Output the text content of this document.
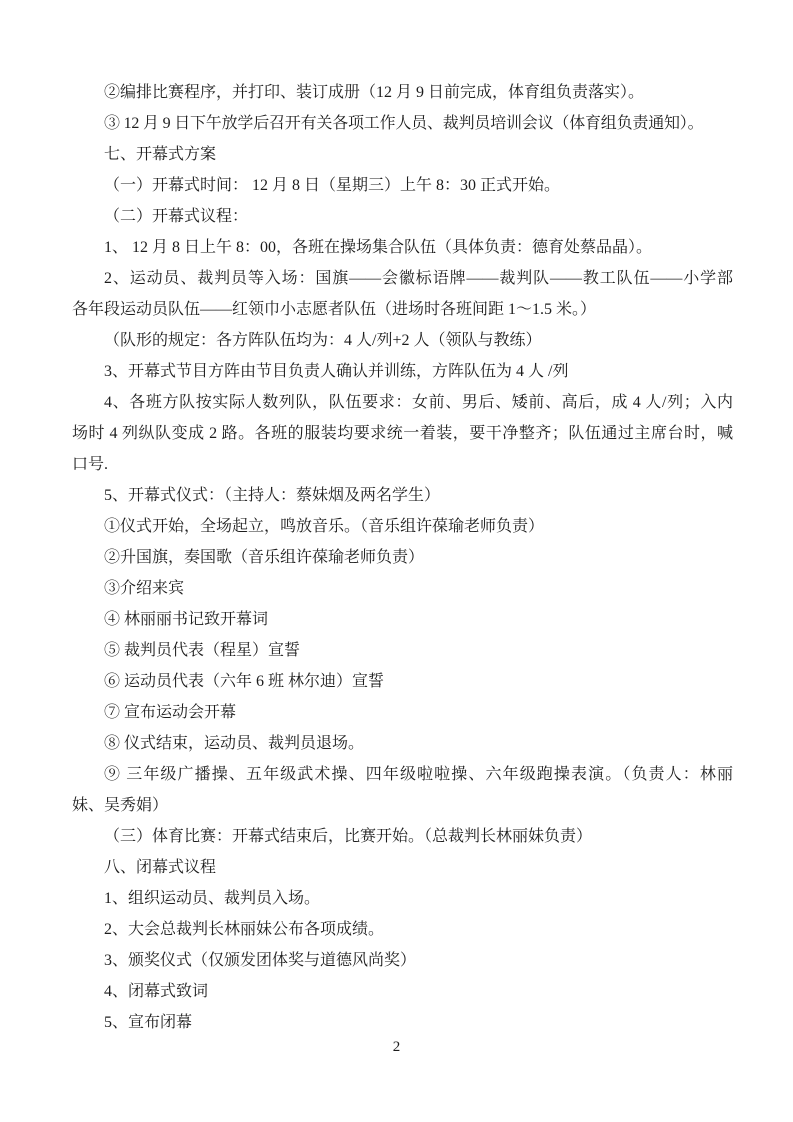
②编排比赛程序，并打印、装订成册（12 月 9 日前完成，体育组负责落实）。

③ 12 月 9 日下午放学后召开有关各项工作人员、裁判员培训会议（体育组负责通知）。

七、开幕式方案

（一）开幕式时间： 12 月 8 日（星期三）上午 8：30 正式开始。

（二）开幕式议程：

1、 12 月 8 日上午 8：00，各班在操场集合队伍（具体负责：德育处蔡品晶）。

2、运动员、裁判员等入场：国旗——会徽标语牌——裁判队——教工队伍——小学部

各年段运动员队伍——红领巾小志愿者队伍（进场时各班间距 1～1.5 米。）

（队形的规定：各方阵队伍均为：4 人/列+2 人（领队与教练）

3、开幕式节目方阵由节目负责人确认并训练，方阵队伍为 4 人 /列

4、各班方队按实际人数列队，队伍要求：女前、男后、矮前、高后，成 4 人/列；入内

场时 4 列纵队变成 2 路。各班的服装均要求统一着装，要干净整齐；队伍通过主席台时，喊

口号.

5、开幕式仪式：（主持人：蔡妹烟及两名学生）

①仪式开始，全场起立，鸣放音乐。（音乐组许葆瑜老师负责）

②升国旗，奏国歌（音乐组许葆瑜老师负责）

③介绍来宾

④ 林丽丽书记致开幕词

⑤ 裁判员代表（程星）宣誓

⑥ 运动员代表（六年 6 班 林尔迪）宣誓

⑦ 宣布运动会开幕

⑧ 仪式结束，运动员、裁判员退场。

⑨ 三年级广播操、五年级武术操、四年级啦啦操、六年级跑操表演。（负责人：林丽

妹、吴秀娟）

（三）体育比赛：开幕式结束后，比赛开始。（总裁判长林丽妹负责）

八、闭幕式议程

1、组织运动员、裁判员入场。

2、大会总裁判长林丽妹公布各项成绩。

3、颁奖仪式（仅颁发团体奖与道德风尚奖）

4、闭幕式致词

5、宣布闭幕

2
